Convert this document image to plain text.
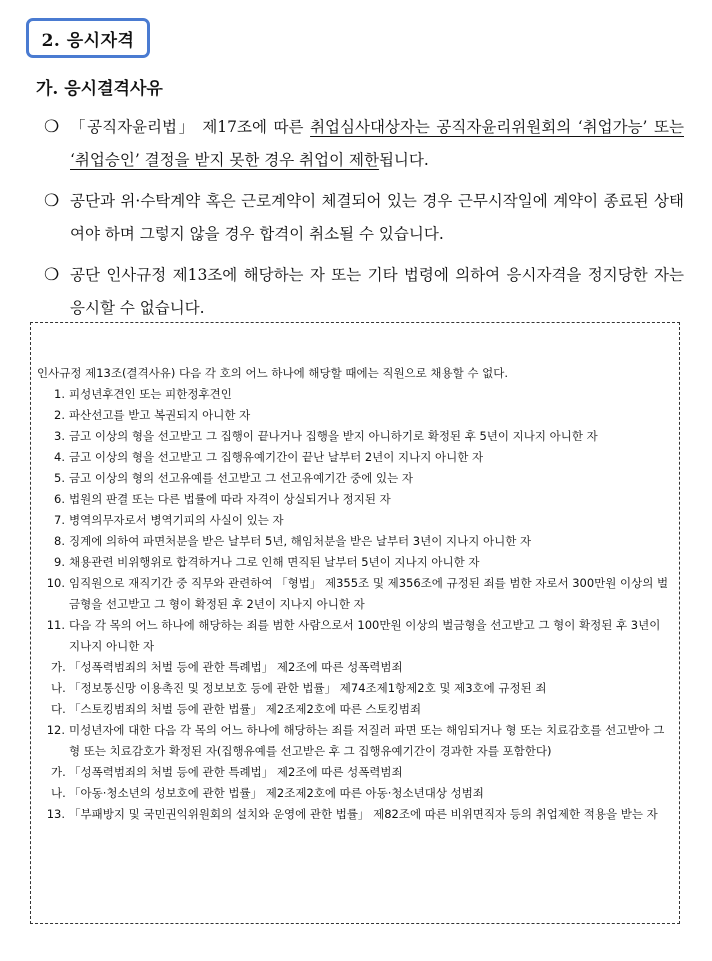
2. 응시자격
가. 응시결격사유
❍ 「공직자윤리법」 제17조에 따른 취업심사대상자는 공직자윤리위원회의 ‘취업가능’ 또는 ‘취업승인’ 결정을 받지 못한 경우 취업이 제한됩니다.
❍ 공단과 위·수탁계약 혹은 근로계약이 체결되어 있는 경우 근무시작일에 계약이 종료된 상태여야 하며 그렇지 않을 경우 합격이 취소될 수 있습니다.
❍ 공단 인사규정 제13조에 해당하는 자 또는 기타 법령에 의하여 응시자격을 정지당한 자는 응시할 수 없습니다.
인사규정 제13조(결격사유) 다음 각 호의 어느 하나에 해당할 때에는 직원으로 채용할 수 없다.
1. 피성년후견인 또는 피한정후견인
2. 파산선고를 받고 복권되지 아니한 자
3. 금고 이상의 형을 선고받고 그 집행이 끝나거나 집행을 받지 아니하기로 확정된 후 5년이 지나지 아니한 자
4. 금고 이상의 형을 선고받고 그 집행유예기간이 끝난 날부터 2년이 지나지 아니한 자
5. 금고 이상의 형의 선고유예를 선고받고 그 선고유예기간 중에 있는 자
6. 법원의 판결 또는 다른 법률에 따라 자격이 상실되거나 정지된 자
7. 병역의무자로서 병역기피의 사실이 있는 자
8. 징계에 의하여 파면처분을 받은 날부터 5년, 해임처분을 받은 날부터 3년이 지나지 아니한 자
9. 채용관련 비위행위로 합격하거나 그로 인해 면직된 날부터 5년이 지나지 아니한 자
10. 임직원으로 재직기간 중 직무와 관련하여 「형법」 제355조 및 제356조에 규정된 죄를 범한 자로서 300만원 이상의 벌금형을 선고받고 그 형이 확정된 후 2년이 지나지 아니한 자
11. 다음 각 목의 어느 하나에 해당하는 죄를 범한 사람으로서 100만원 이상의 벌금형을 선고받고 그 형이 확정된 후 3년이 지나지 아니한 자
가. 「성폭력범죄의 처벌 등에 관한 특례법」 제2조에 따른 성폭력범죄
나. 「정보통신망 이용촉진 및 정보보호 등에 관한 법률」 제74조제1항제2호 및 제3호에 규정된 죄
다. 「스토킹범죄의 처벌 등에 관한 법률」 제2조제2호에 따른 스토킹범죄
12. 미성년자에 대한 다음 각 목의 어느 하나에 해당하는 죄를 저질러 파면 또는 해임되거나 형 또는 치료감호를 선고받아 그 형 또는 치료감호가 확정된 자(집행유예를 선고받은 후 그 집행유예기간이 경과한 자를 포함한다)
가. 「성폭력범죄의 처벌 등에 관한 특례법」 제2조에 따른 성폭력범죄
나. 「아동·청소년의 성보호에 관한 법률」 제2조제2호에 따른 아동·청소년대상 성범죄
13. 「부패방지 및 국민권익위원회의 설치와 운영에 관한 법률」 제82조에 따른 비위면직자 등의 취업제한 적용을 받는 자
